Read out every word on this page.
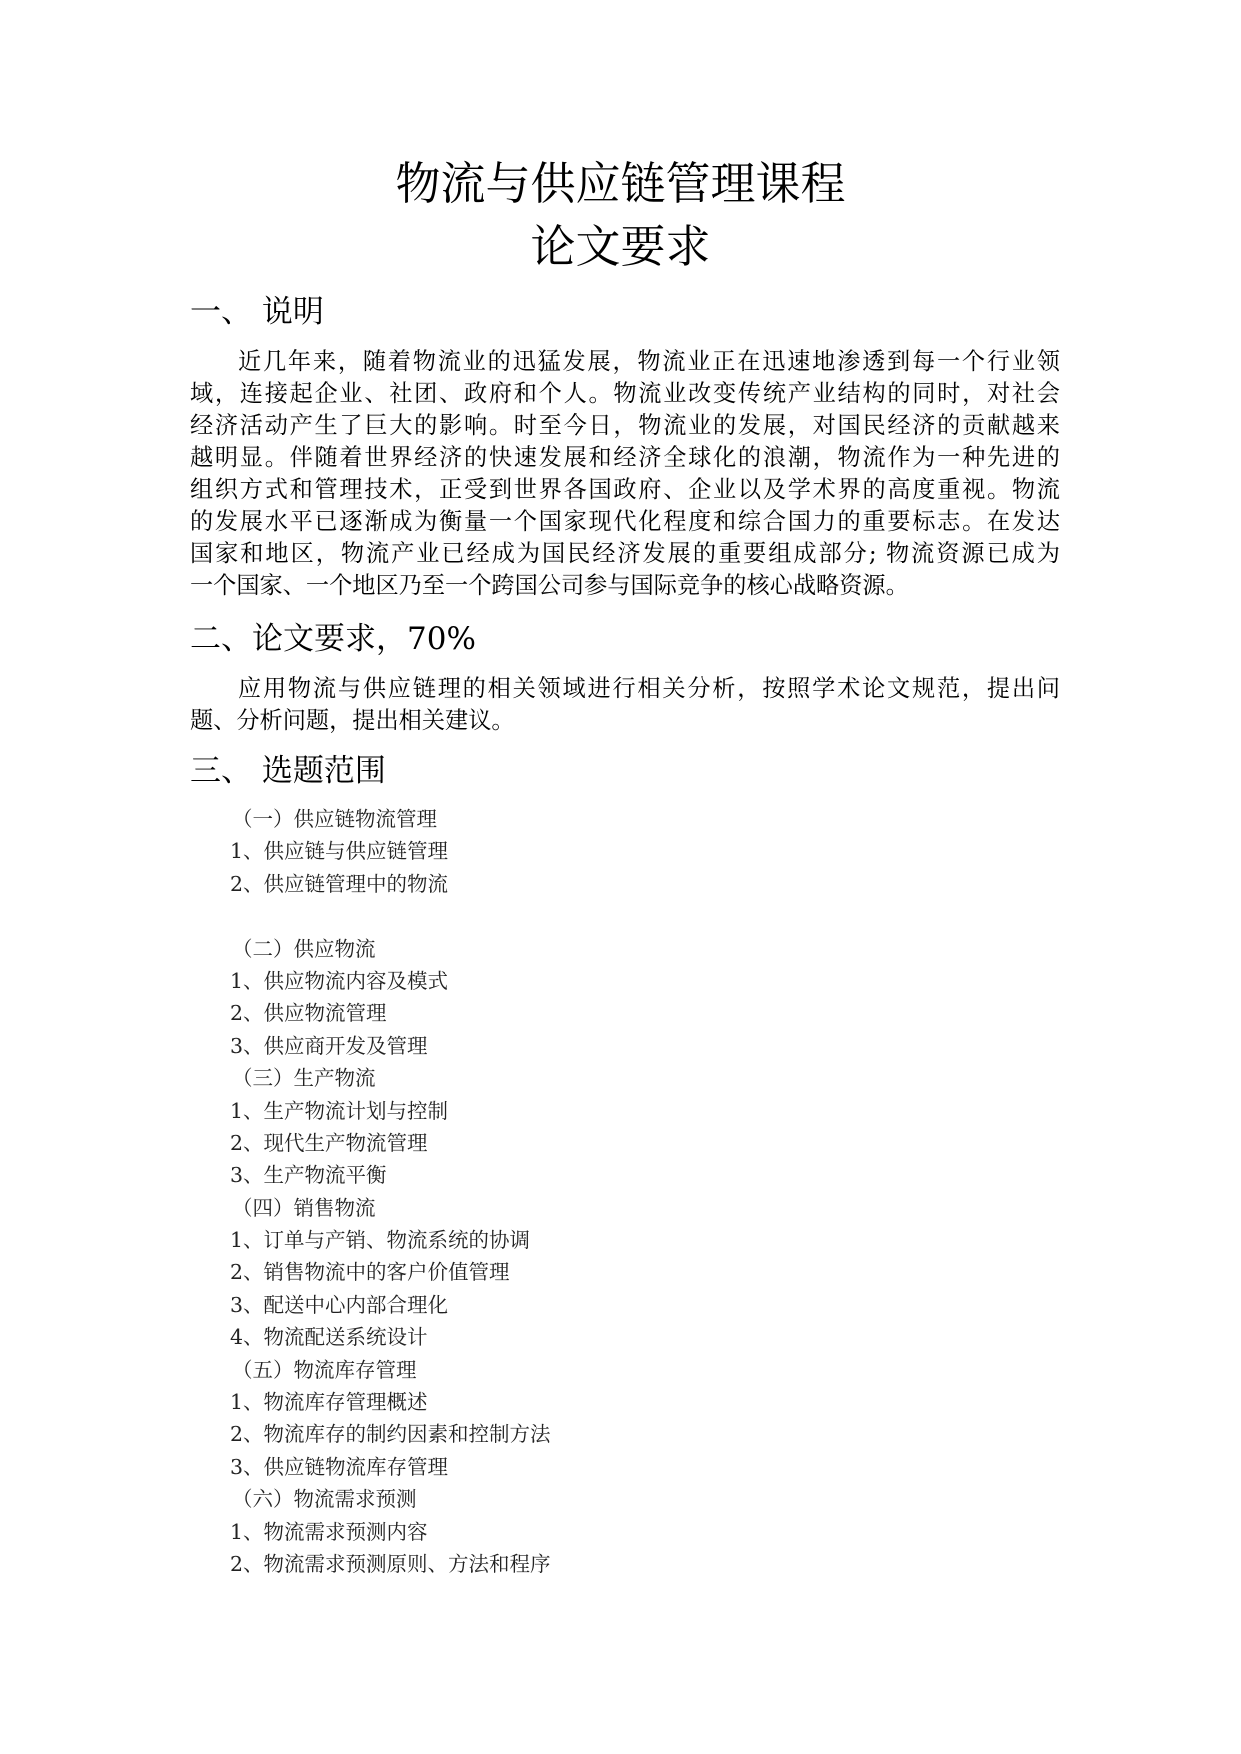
物流与供应链管理课程
论文要求
一、 说明
近几年来，随着物流业的迅猛发展，物流业正在迅速地渗透到每一个行业领
域，连接起企业、社团、政府和个人。物流业改变传统产业结构的同时，对社会
经济活动产生了巨大的影响。时至今日，物流业的发展，对国民经济的贡献越来
越明显。伴随着世界经济的快速发展和经济全球化的浪潮，物流作为一种先进的
组织方式和管理技术，正受到世界各国政府、企业以及学术界的高度重视。物流
的发展水平已逐渐成为衡量一个国家现代化程度和综合国力的重要标志。在发达
国家和地区，物流产业已经成为国民经济发展的重要组成部分; 物流资源已成为
一个国家、一个地区乃至一个跨国公司参与国际竞争的核心战略资源。
二、论文要求，70%
应用物流与供应链理的相关领域进行相关分析，按照学术论文规范，提出问
题、分析问题，提出相关建议。
三、 选题范围
（一）供应链物流管理
1、供应链与供应链管理
2、供应链管理中的物流
（二）供应物流
1、供应物流内容及模式
2、供应物流管理
3、供应商开发及管理
（三）生产物流
1、生产物流计划与控制
2、现代生产物流管理
3、生产物流平衡
（四）销售物流
1、订单与产销、物流系统的协调
2、销售物流中的客户价值管理
3、配送中心内部合理化
4、物流配送系统设计
（五）物流库存管理
1、物流库存管理概述
2、物流库存的制约因素和控制方法
3、供应链物流库存管理
（六）物流需求预测
1、物流需求预测内容
2、物流需求预测原则、方法和程序
